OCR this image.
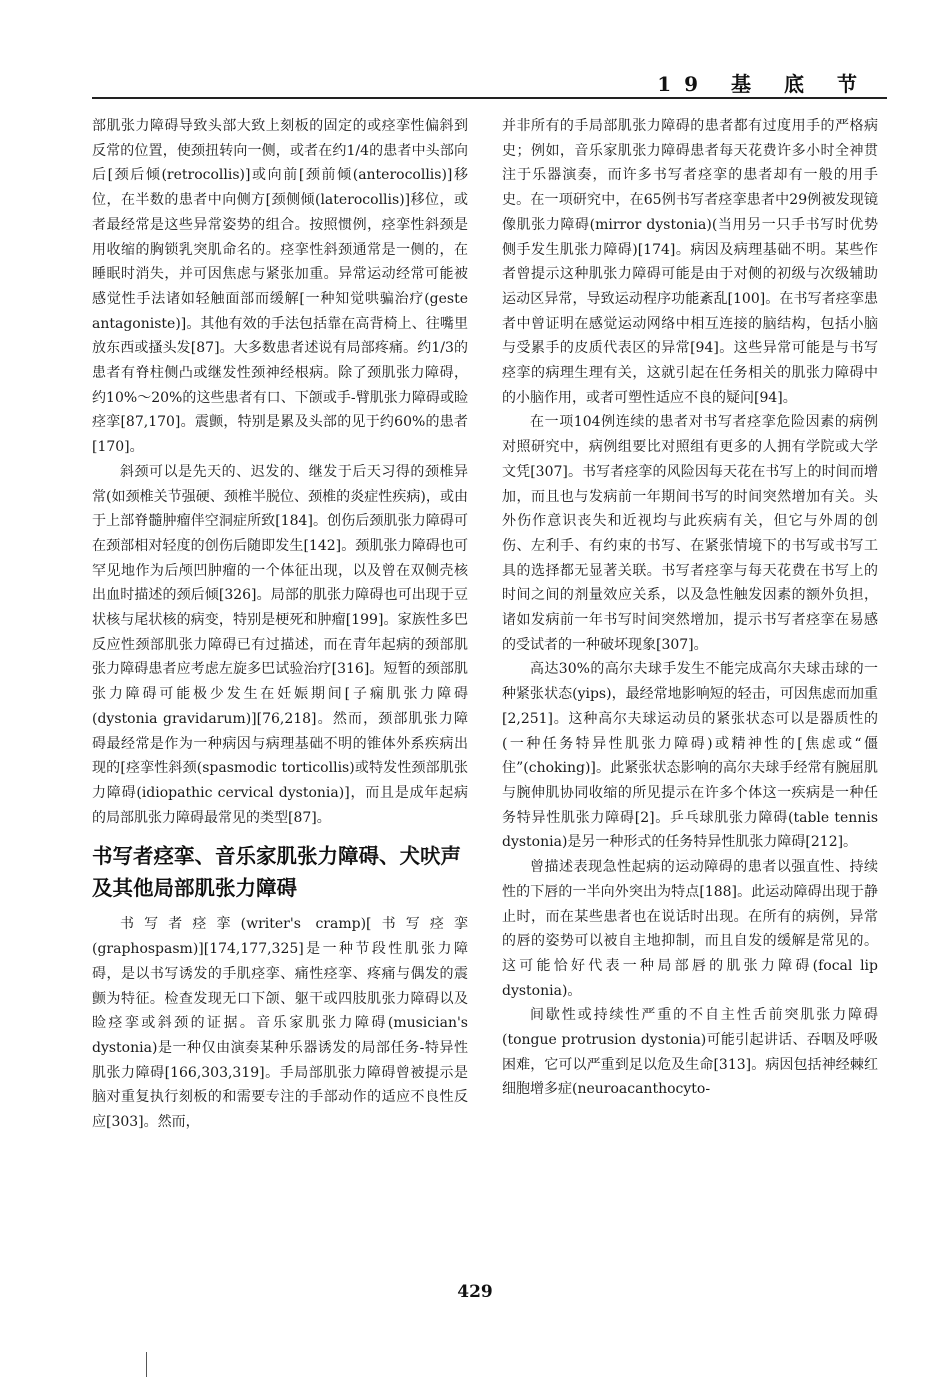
19 基 底 节

部肌张力障碍导致头部大致上刻板的固定的或痉挛性偏斜到反常的位置，使颈扭转向一侧，或者在约1/4的患者中头部向后[颈后倾(retrocollis)]或向前[颈前倾(anterocollis)]移位，在半数的患者中向侧方[颈侧倾(laterocollis)]移位，或者最经常是这些异常姿势的组合。按照惯例，痉挛性斜颈是用收缩的胸锁乳突肌命名的。痉挛性斜颈通常是一侧的，在睡眠时消失，并可因焦虑与紧张加重。异常运动经常可能被感觉性手法诸如轻触面部而缓解[一种知觉哄骗治疗(geste antagoniste)]。其他有效的手法包括靠在高背椅上、往嘴里放东西或搔头发[87]。大多数患者述说有局部疼痛。约1/3的患者有脊柱侧凸或继发性颈神经根病。除了颈肌张力障碍，约10%～20%的这些患者有口、下颌或手-臂肌张力障碍或睑痉挛[87,170]。震颤，特别是累及头部的见于约60%的患者[170]。

斜颈可以是先天的、迟发的、继发于后天习得的颈椎异常(如颈椎关节强硬、颈椎半脱位、颈椎的炎症性疾病)，或由于上部脊髓肿瘤伴空洞症所致[184]。创伤后颈肌张力障碍可在颈部相对轻度的创伤后随即发生[142]。颈肌张力障碍也可罕见地作为后颅凹肿瘤的一个体征出现，以及曾在双侧壳核出血时描述的颈后倾[326]。局部的肌张力障碍也可出现于豆状核与尾状核的病变，特别是梗死和肿瘤[199]。家族性多巴反应性颈部肌张力障碍已有过描述，而在青年起病的颈部肌张力障碍患者应考虑左旋多巴试验治疗[316]。短暂的颈部肌张力障碍可能极少发生在妊娠期间[子痫肌张力障碍(dystonia gravidarum)][76,218]。然而，颈部肌张力障碍最经常是作为一种病因与病理基础不明的锥体外系疾病出现的[痉挛性斜颈(spasmodic torticollis)或特发性颈部肌张力障碍(idiopathic cervical dystonia)]，而且是成年起病的局部肌张力障碍最常见的类型[87]。

书写者痉挛、音乐家肌张力障碍、犬吠声及其他局部肌张力障碍

书写者痉挛(writer's cramp)[书写痉挛(graphospasm)][174,177,325]是一种节段性肌张力障碍，是以书写诱发的手肌痉挛、痛性痉挛、疼痛与偶发的震颤为特征。检查发现无口下颌、躯干或四肢肌张力障碍以及睑痉挛或斜颈的证据。音乐家肌张力障碍(musician's dystonia)是一种仅由演奏某种乐器诱发的局部任务-特异性肌张力障碍[166,303,319]。手局部肌张力障碍曾被提示是脑对重复执行刻板的和需要专注的手部动作的适应不良性反应[303]。然而，

并非所有的手局部肌张力障碍的患者都有过度用手的严格病史；例如，音乐家肌张力障碍患者每天花费许多小时全神贯注于乐器演奏，而许多书写者痉挛的患者却有一般的用手史。在一项研究中，在65例书写者痉挛患者中29例被发现镜像肌张力障碍(mirror dystonia)(当用另一只手书写时优势侧手发生肌张力障碍)[174]。病因及病理基础不明。某些作者曾提示这种肌张力障碍可能是由于对侧的初级与次级辅助运动区异常，导致运动程序功能紊乱[100]。在书写者痉挛患者中曾证明在感觉运动网络中相互连接的脑结构，包括小脑与受累手的皮质代表区的异常[94]。这些异常可能是与书写痉挛的病理生理有关，这就引起在任务相关的肌张力障碍中的小脑作用，或者可塑性适应不良的疑问[94]。

在一项104例连续的患者对书写者痉挛危险因素的病例对照研究中，病例组要比对照组有更多的人拥有学院或大学文凭[307]。书写者痉挛的风险因每天花在书写上的时间而增加，而且也与发病前一年期间书写的时间突然增加有关。头外伤作意识丧失和近视均与此疾病有关，但它与外周的创伤、左利手、有约束的书写、在紧张情境下的书写或书写工具的选择都无显著关联。书写者痉挛与每天花费在书写上的时间之间的剂量效应关系，以及急性触发因素的额外负担，诸如发病前一年书写时间突然增加，提示书写者痉挛在易感的受试者的一种破坏现象[307]。

高达30%的高尔夫球手发生不能完成高尔夫球击球的一种紧张状态(yips)，最经常地影响短的轻击，可因焦虑而加重[2,251]。这种高尔夫球运动员的紧张状态可以是器质性的(一种任务特异性肌张力障碍)或精神性的[焦虑或“僵住”(choking)]。此紧张状态影响的高尔夫球手经常有腕屈肌与腕伸肌协同收缩的所见提示在许多个体这一疾病是一种任务特异性肌张力障碍[2]。乒乓球肌张力障碍(table tennis dystonia)是另一种形式的任务特异性肌张力障碍[212]。

曾描述表现急性起病的运动障碍的患者以强直性、持续性的下唇的一半向外突出为特点[188]。此运动障碍出现于静止时，而在某些患者也在说话时出现。在所有的病例，异常的唇的姿势可以被自主地抑制，而且自发的缓解是常见的。这可能恰好代表一种局部唇的肌张力障碍(focal lip dystonia)。

间歇性或持续性严重的不自主性舌前突肌张力障碍(tongue protrusion dystonia)可能引起讲话、吞咽及呼吸困难，它可以严重到足以危及生命[313]。病因包括神经棘红细胞增多症(neuroacanthocyto-

429
